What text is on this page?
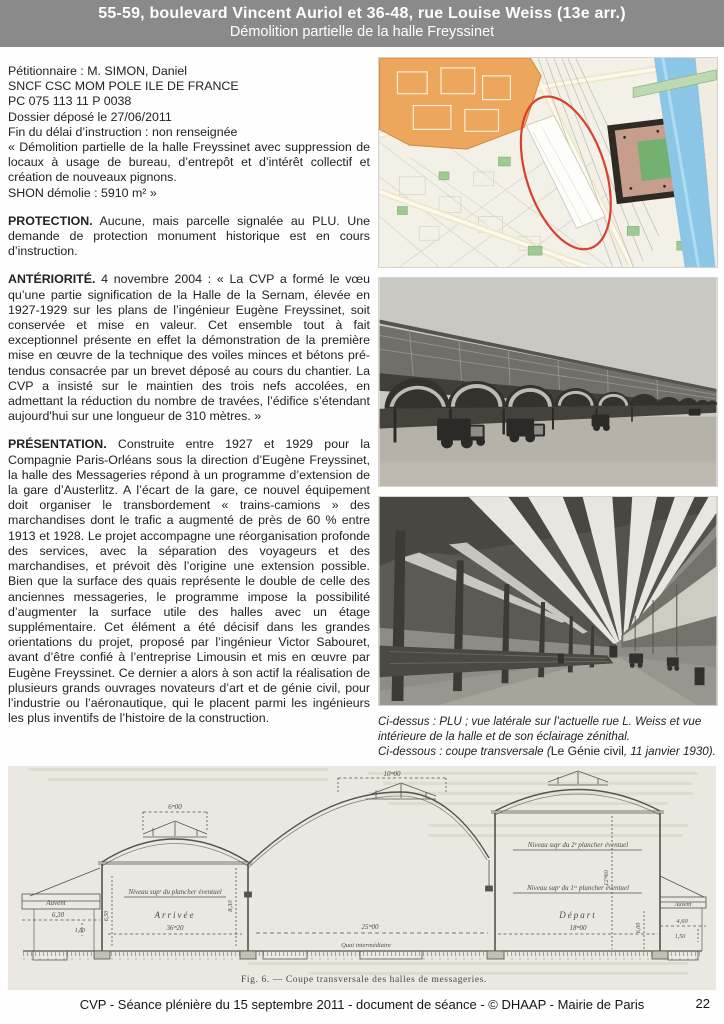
55-59, boulevard Vincent Auriol et 36-48, rue Louise Weiss (13e arr.)
Démolition partielle de la halle Freyssinet
Pétitionnaire : M. SIMON, Daniel
SNCF CSC MOM POLE ILE DE FRANCE
PC 075 113 11 P 0038
Dossier déposé le 27/06/2011
Fin du délai d’instruction : non renseignée
« Démolition partielle de la halle Freyssinet avec suppression de locaux à usage de bureau, d’entrepôt et d’intérêt collectif et création de nouveaux pignons.
SHON démolie : 5910 m² »
PROTECTION. Aucune, mais parcelle signalée au PLU. Une demande de protection monument historique est en cours d’instruction.
ANTÉRIORITÉ. 4 novembre 2004 : « La CVP a formé le vœu qu’une partie signification de la Halle de la Sernam, élevée en 1927-1929 sur les plans de l’ingénieur Eugène Freyssinet, soit conservée et mise en valeur. Cet ensemble tout à fait exceptionnel présente en effet la démonstration de la première mise en œuvre de la technique des voiles minces et bétons pré-tendus consacrée par un brevet déposé au cours du chantier. La CVP a insisté sur le maintien des trois nefs accolées, en admettant la réduction du nombre de travées, l’édifice s’étendant aujourd'hui sur une longueur de 310 mètres. »
PRÉSENTATION. Construite entre 1927 et 1929 pour la Compagnie Paris-Orléans sous la direction d’Eugène Freyssinet, la halle des Messageries répond à un programme d’extension de la gare d’Austerlitz. A l’écart de la gare, ce nouvel équipement doit organiser le transbordement « trains-camions » des marchandises dont le trafic a augmenté de près de 60 % entre 1913 et 1928. Le projet accompagne une réorganisation profonde des services, avec la séparation des voyageurs et des marchandises, et prévoit dès l’origine une extension possible. Bien que la surface des quais représente le double de celle des anciennes messageries, le programme impose la possibilité d’augmenter la surface utile des halles avec un étage supplémentaire. Cet élément a été décisif dans les grandes orientations du projet, proposé par l’ingénieur Victor Sabouret, avant d’être confié à l’entreprise Limousin et mis en œuvre par Eugène Freyssinet. Ce dernier a alors à son actif la réalisation de plusieurs grands ouvrages novateurs d’art et de génie civil, pour l’industrie ou l’aéronautique, qui le placent parmi les ingénieurs les plus inventifs de l’histoire de la construction.	Ci-dessus : PLU ; vue latérale sur l’actuelle rue L. Weiss et vue intérieure de la halle et de son éclairage zénithal.
Ci-dessous : coupe transversale (Le Génie civil, 11 janvier 1930).
Auvent
6,30
1,80
6,50
8,30
6ᵐ00
Niveau supʳ du plancher éventuel
Arrivée
36ᵐ20
10ᵐ00
25ᵐ00
Quai intermédiaire
Niveau supʳ du 2ᵉ plancher éventuel
Niveau supʳ du 1ᵉʳ plancher éventuel
Départ
18ᵐ00
12ᵐ60
6,00
Auvent
4,60
1,50
Fig. 6. — Coupe transversale des halles de messageries.
CVP - Séance plénière du 15 septembre 2011 - document de séance - © DHAAP - Mairie de Paris	22
